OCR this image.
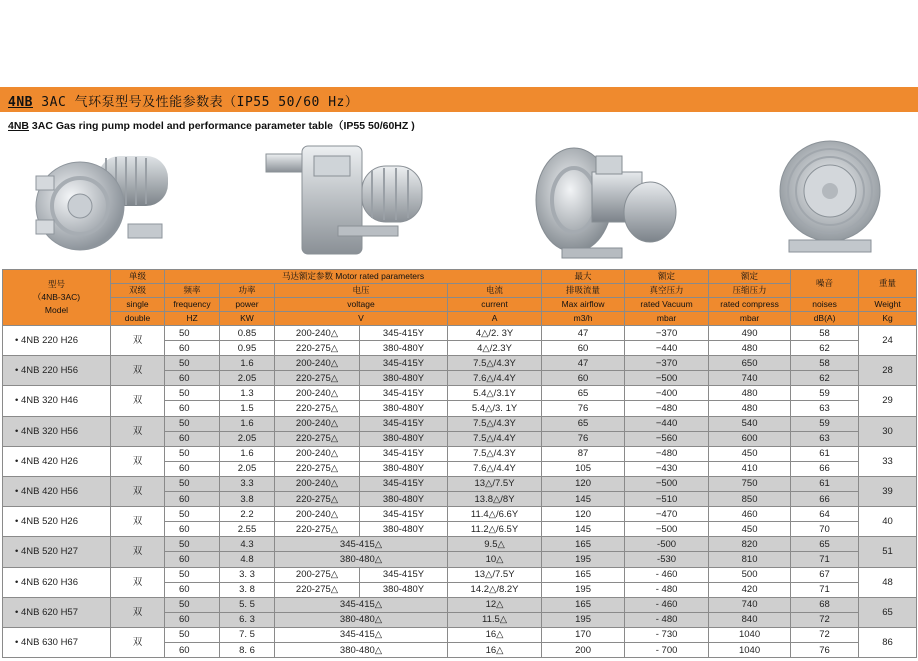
4NB 3AC 气环泵型号及性能参数表（IP55 50/60 Hz）
4NB 3AC Gas ring pump model and performance parameter table（IP55 50/60HZ )
型号
（4NB-3AC)
Model	单级	马达额定参数 Motor rated parameters					最大	额定	额定	噪音	重量
	双级	频率	功率	电压		电流	排吸流量	真空压力	压缩压力		
	single	frequency	power	voltage		current	Max airflow	rated Vacuum	rated compress	noises	Weight
	double	HZ	KW	V		A	m3/h	mbar	mbar	dB(A)	Kg
• 4NB 220 H26	双	50	0.85	200-240△	345-415Y	4△/2. 3Y	47	−370	490	58	24
		60	0.95	220-275△	380-480Y	4△/2.3Y	60	−440	480	62	
• 4NB 220 H56	双	50	1.6	200-240△	345-415Y	7.5△/4.3Y	47	−370	650	58	28
		60	2.05	220-275△	380-480Y	7.6△/4.4Y	60	−500	740	62	
• 4NB 320 H46	双	50	1.3	200-240△	345-415Y	5.4△/3.1Y	65	−400	480	59	29
		60	1.5	220-275△	380-480Y	5.4△/3. 1Y	76	−480	480	63	
• 4NB 320 H56	双	50	1.6	200-240△	345-415Y	7.5△/4.3Y	65	−440	540	59	30
		60	2.05	220-275△	380-480Y	7.5△/4.4Y	76	−560	600	63	
• 4NB 420 H26	双	50	1.6	200-240△	345-415Y	7.5△/4.3Y	87	−480	450	61	33
		60	2.05	220-275△	380-480Y	7.6△/4.4Y	105	−430	410	66	
• 4NB 420 H56	双	50	3.3	200-240△	345-415Y	13△/7.5Y	120	−500	750	61	39
		60	3.8	220-275△	380-480Y	13.8△/8Y	145	−510	850	66	
• 4NB 520 H26	双	50	2.2	200-240△	345-415Y	11.4△/6.6Y	120	−470	460	64	40
		60	2.55	220-275△	380-480Y	11.2△/6.5Y	145	−500	450	70	
• 4NB 520 H27	双	50	4.3	345-415△		9.5△	165	-500	820	65	51
		60	4.8	380-480△		10△	195	-530	810	71	
• 4NB 620 H36	双	50	3. 3	200-275△	345-415Y	13△/7.5Y	165	- 460	500	67	48
		60	3. 8	220-275△	380-480Y	14.2△/8.2Y	195	- 480	420	71	
• 4NB 620 H57	双	50	5. 5	345-415△		12△	165	- 460	740	68	65
		60	6. 3	380-480△		11.5△	195	- 480	840	72	
• 4NB 630 H67	双	50	7. 5	345-415△		16△	170	- 730	1040	72	86
		60	8. 6	380-480△		16△	200	- 700	1040	76	
